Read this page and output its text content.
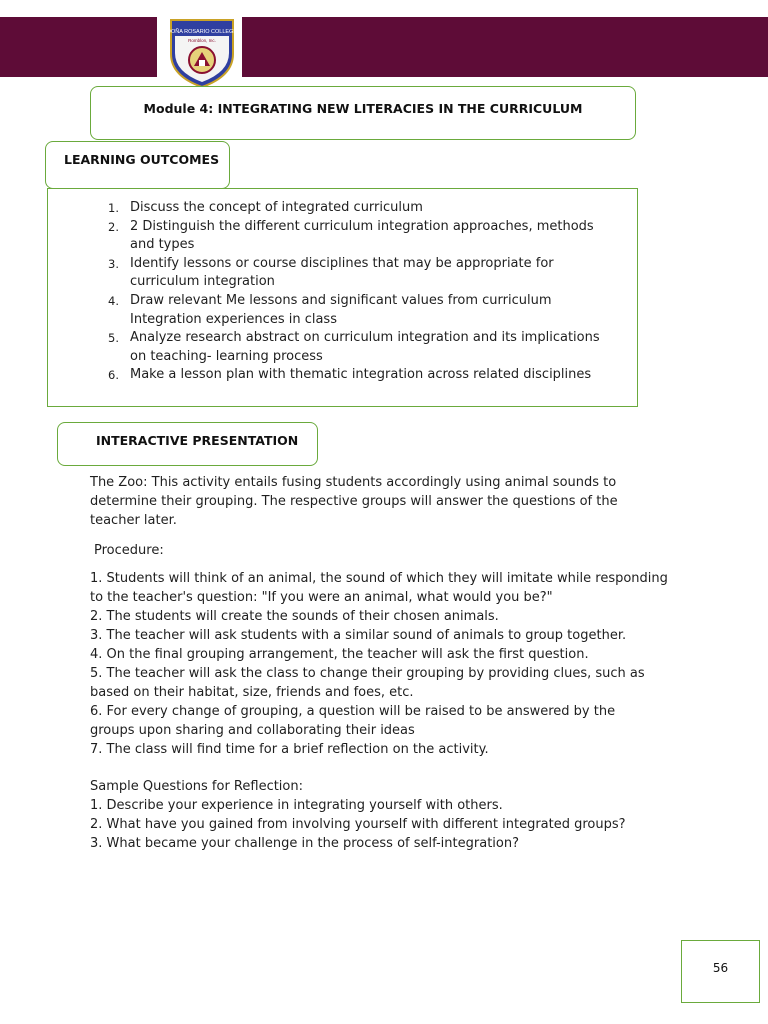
DOÑA ROSARIO COLLEGE
Romblon, Inc.
Module 4: INTEGRATING NEW LITERACIES IN THE CURRICULUM
LEARNING OUTCOMES
1. Discuss the concept of integrated curriculum
2. 2 Distinguish the different curriculum integration approaches, methods
and types
3. Identify lessons or course disciplines that may be appropriate for
curriculum integration
4. Draw relevant Me lessons and significant values from curriculum
Integration experiences in class
5. Analyze research abstract on curriculum integration and its implications
on teaching- learning process
6. Make a lesson plan with thematic integration across related disciplines
INTERACTIVE PRESENTATION
The Zoo: This activity entails fusing students accordingly using animal sounds to
determine their grouping. The respective groups will answer the questions of the
teacher later.
Procedure:
1. Students will think of an animal, the sound of which they will imitate while responding
to the teacher's question: "If you were an animal, what would you be?"
2. The students will create the sounds of their chosen animals.
3. The teacher will ask students with a similar sound of animals to group together.
4. On the final grouping arrangement, the teacher will ask the first question.
5. The teacher will ask the class to change their grouping by providing clues, such as
based on their habitat, size, friends and foes, etc.
6. For every change of grouping, a question will be raised to be answered by the
groups upon sharing and collaborating their ideas
7. The class will find time for a brief reflection on the activity.
Sample Questions for Reflection:
1. Describe your experience in integrating yourself with others.
2. What have you gained from involving yourself with different integrated groups?
3. What became your challenge in the process of self-integration?
56
